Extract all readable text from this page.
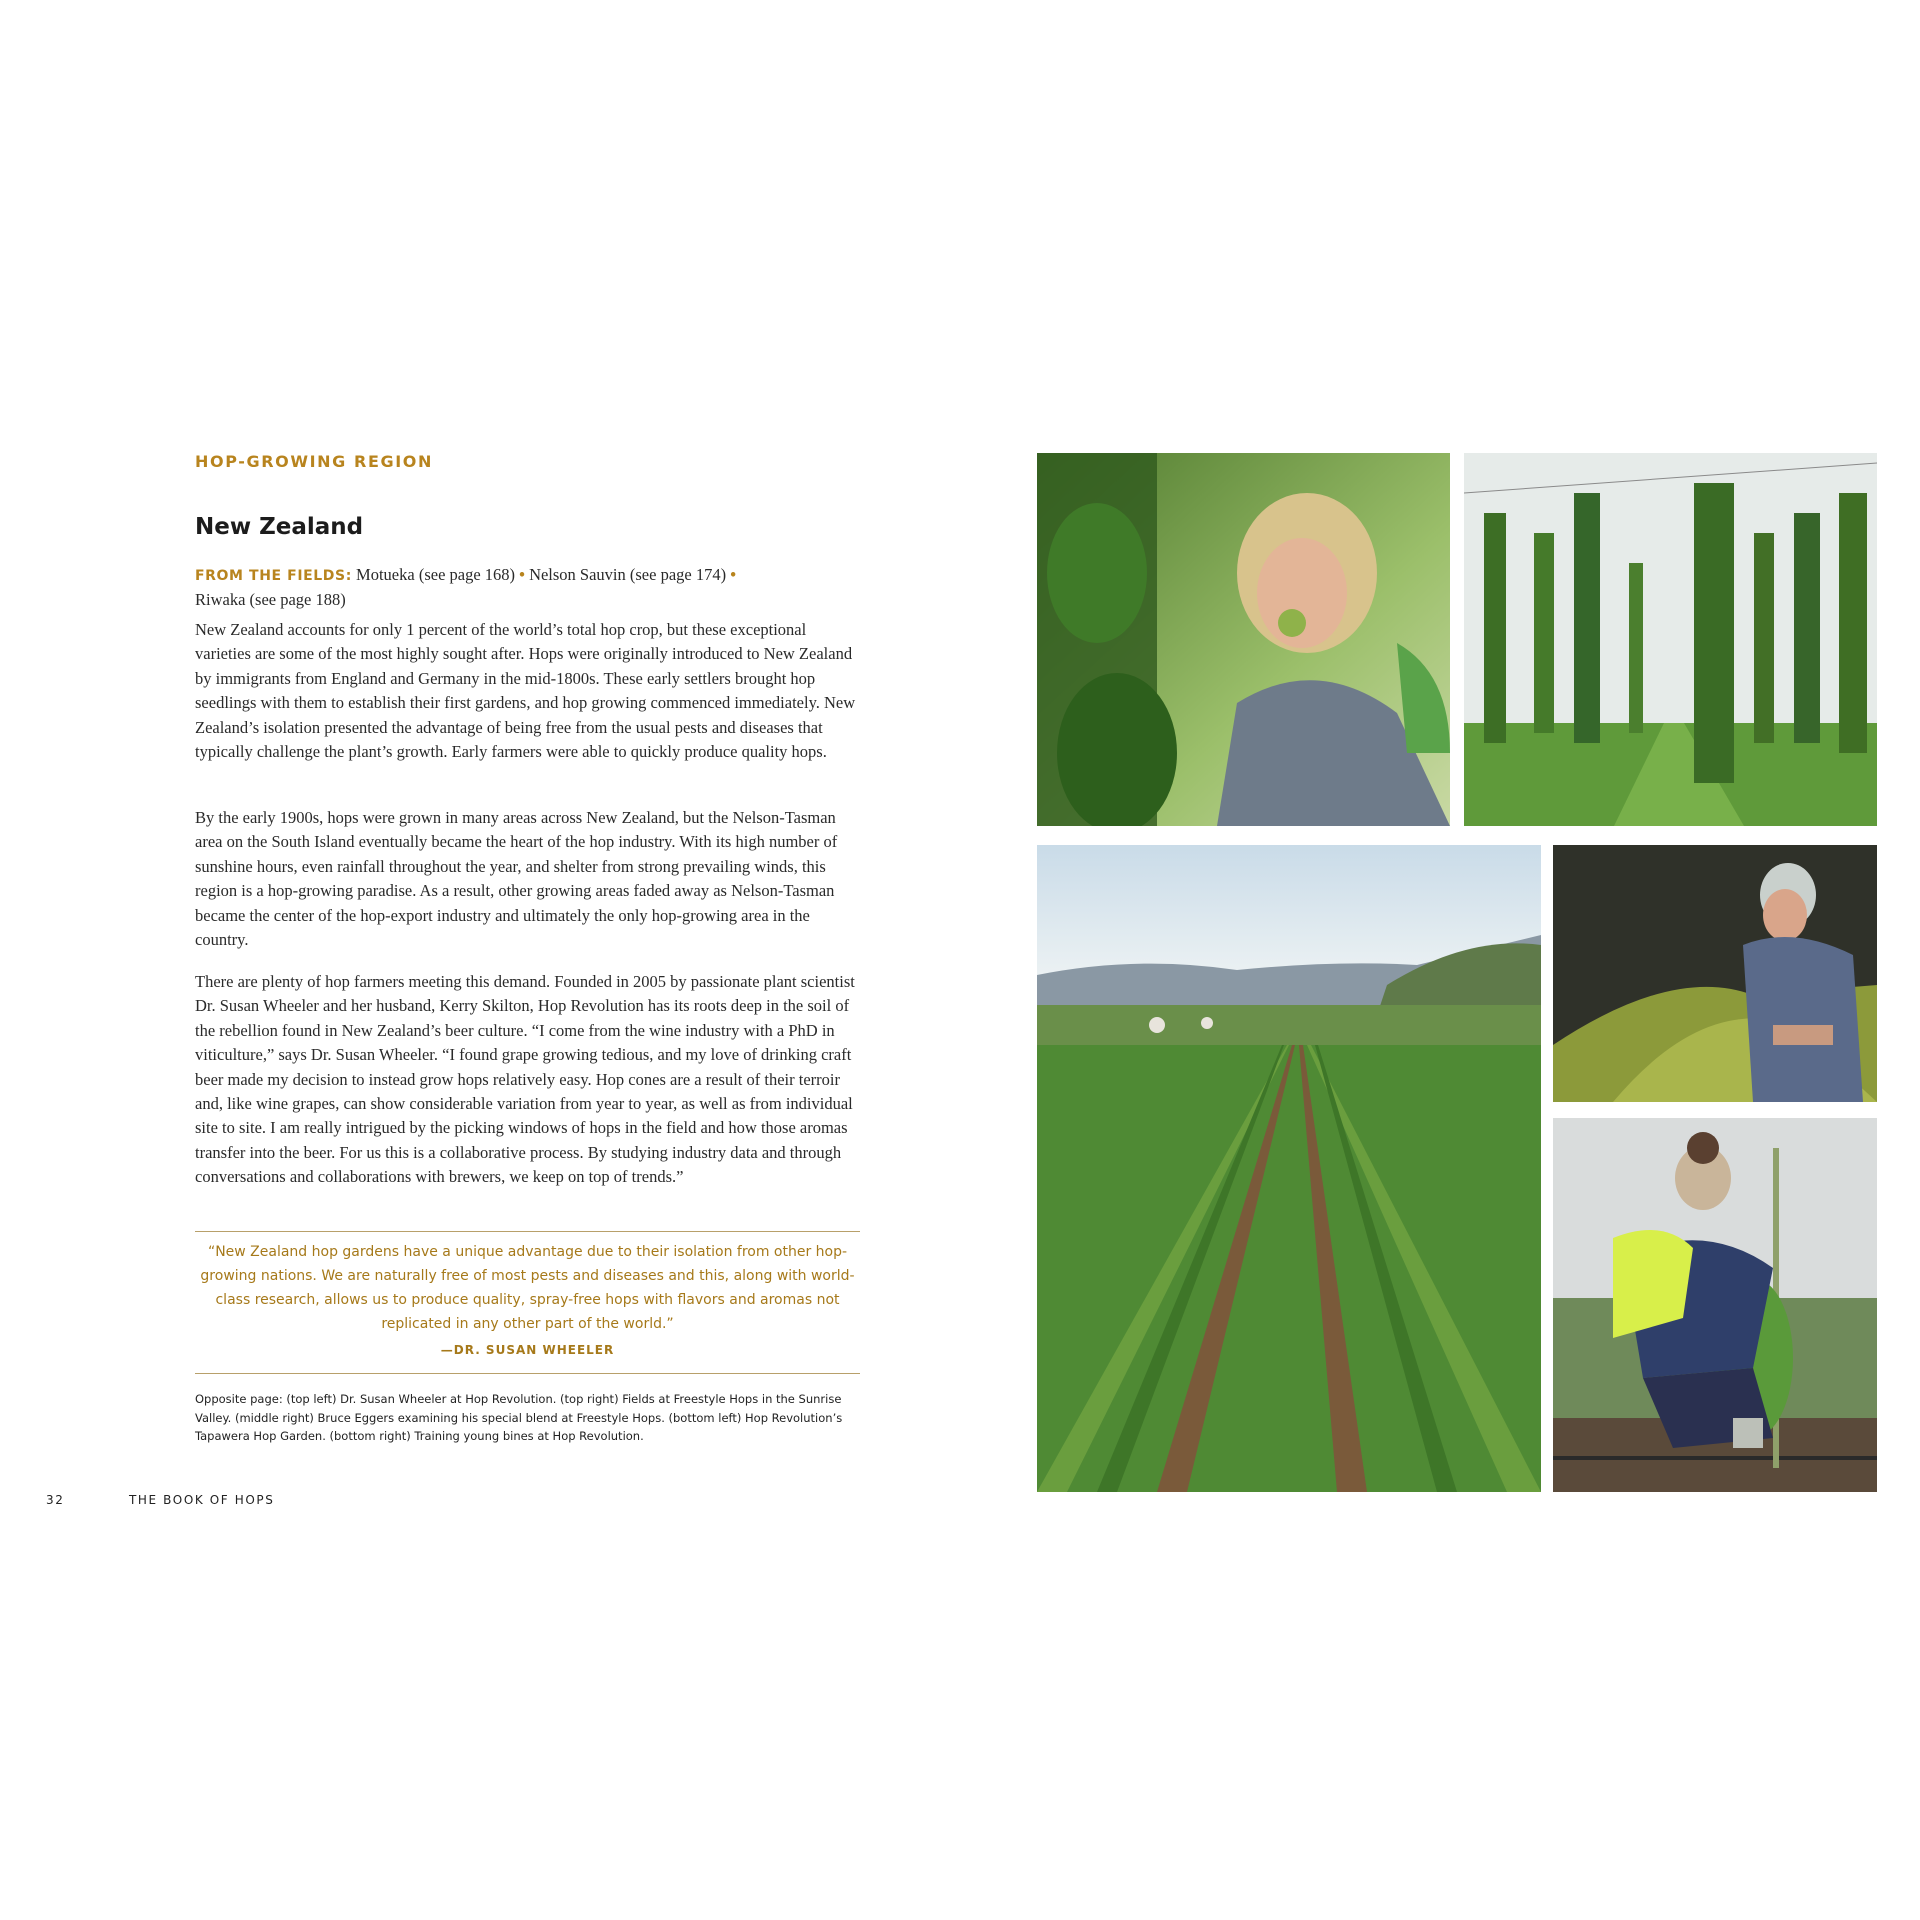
HOP-GROWING REGION
New Zealand
FROM THE FIELDS: Motueka (see page 168) • Nelson Sauvin (see page 174) •
Riwaka (see page 188)

New Zealand accounts for only 1 percent of the world’s total hop crop, but these exceptional varieties are some of the most highly sought after. Hops were originally introduced to New Zealand by immigrants from England and Germany in the mid-1800s. These early settlers brought hop seedlings with them to establish their first gardens, and hop growing commenced immediately. New Zealand’s isolation presented the advantage of being free from the usual pests and diseases that typically challenge the plant’s growth. Early farmers were able to quickly produce quality hops.

By the early 1900s, hops were grown in many areas across New Zealand, but the Nelson-Tasman area on the South Island eventually became the heart of the hop industry. With its high number of sunshine hours, even rainfall throughout the year, and shelter from strong prevailing winds, this region is a hop-growing paradise. As a result, other growing areas faded away as Nelson-Tasman became the center of the hop-export industry and ultimately the only hop-growing area in the country.

There are plenty of hop farmers meeting this demand. Founded in 2005 by passionate plant scientist Dr. Susan Wheeler and her husband, Kerry Skilton, Hop Revolution has its roots deep in the soil of the rebellion found in New Zealand’s beer culture. “I come from the wine industry with a PhD in viticulture,” says Dr. Susan Wheeler. “I found grape growing tedious, and my love of drinking craft beer made my decision to instead grow hops relatively easy. Hop cones are a result of their terroir and, like wine grapes, can show considerable variation from year to year, as well as from individual site to site. I am really intrigued by the picking windows of hops in the field and how those aromas transfer into the beer. For us this is a collaborative process. By studying industry data and through conversations and collaborations with brewers, we keep on top of trends.”

“New Zealand hop gardens have a unique advantage due to their isolation from other hop-growing nations. We are naturally free of most pests and diseases and this, along with world-class research, allows us to produce quality, spray-free hops with flavors and aromas not replicated in any other part of the world.”
—DR. SUSAN WHEELER
Opposite page: (top left) Dr. Susan Wheeler at Hop Revolution. (top right) Fields at Freestyle Hops in the Sunrise Valley. (middle right) Bruce Eggers examining his special blend at Freestyle Hops. (bottom left) Hop Revolution’s Tapawera Hop Garden. (bottom right) Training young bines at Hop Revolution.
32	THE BOOK OF HOPS
